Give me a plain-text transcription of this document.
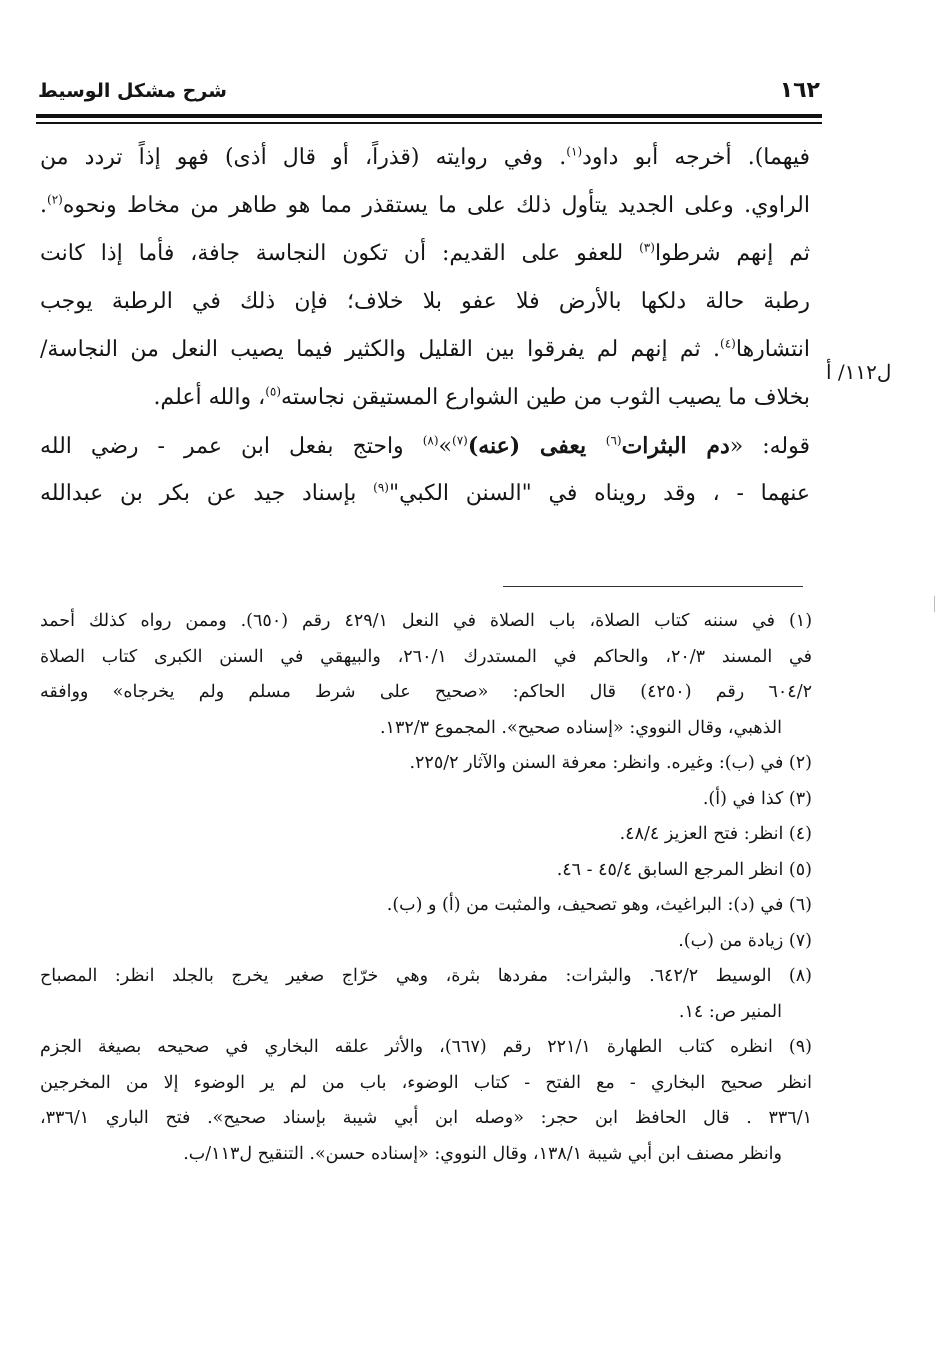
شرح مشكل الوسيط	١٦٢
ل١١٢/ أ
فيهما). أخرجه أبو داود$^{(١)}$. وفي روايته (قذراً، أو قال أذى) فهو إذاً تردد من
الراوي. وعلى الجديد يتأول ذلك على ما يستقذر مما هو طاهر من مخاط ونحوه$^{(٢)}$.
ثم إنهم شرطوا$^{(٣)}$ للعفو على القديم: أن تكون النجاسة جافة، فأما إذا كانت
رطبة حالة دلكها بالأرض فلا عفو بلا خلاف؛ فإن ذلك في الرطبة يوجب
انتشارها$^{(٤)}$. ثم إنهم لم يفرقوا بين القليل والكثير فيما يصيب النعل من النجاسة/
بخلاف ما يصيب الثوب من طين الشوارع المستيقن نجاسته$^{(٥)}$، والله أعلم.
قوله: «دم البثرات$^{(٦)}$ يعفى (عنه)$^{(٧)}$»$^{(٨)}$ واحتج بفعل ابن عمر - رضي الله
عنهما - ، وقد رويناه في "السنن الكبي"$^{(٩)}$ بإسناد جيد عن بكر بن عبدالله
(١) في سننه كتاب الصلاة، باب الصلاة في النعل ٤٢٩/١ رقم (٦٥٠). وممن رواه كذلك أحمد
في المسند ٢٠/٣، والحاكم في المستدرك ٢٦٠/١، والبيهقي في السنن الكبرى كتاب الصلاة
٦٠٤/٢ رقم (٤٢٥٠) قال الحاكم: «صحيح على شرط مسلم ولم يخرجاه» ووافقه
الذهبي، وقال النووي: «إسناده صحيح». المجموع ١٣٢/٣.
(٢) في (ب): وغيره. وانظر: معرفة السنن والآثار ٢٢٥/٢.
(٣) كذا في (أ).
(٤) انظر: فتح العزيز ٤٨/٤.
(٥) انظر المرجع السابق ٤٥/٤ - ٤٦.
(٦) في (د): البراغيث، وهو تصحيف، والمثبت من (أ) و (ب).
(٧) زيادة من (ب).
(٨) الوسيط ٦٤٢/٢. والبثرات: مفردها بثرة، وهي خرّاج صغير يخرج بالجلد انظر: المصباح
المنير ص: ١٤.
(٩) انظره كتاب الطهارة ٢٢١/١ رقم (٦٦٧)، والأثر علقه البخاري في صحيحه بصيغة الجزم
انظر صحيح البخاري - مع الفتح - كتاب الوضوء، باب من لم ير الوضوء إلا من المخرجين
٣٣٦/١ . قال الحافظ ابن حجر: «وصله ابن أبي شيبة بإسناد صحيح». فتح الباري ٣٣٦/١،
وانظر مصنف ابن أبي شيبة ١٣٨/١، وقال النووي: «إسناده حسن». التنقيح ل١١٣/ب.
